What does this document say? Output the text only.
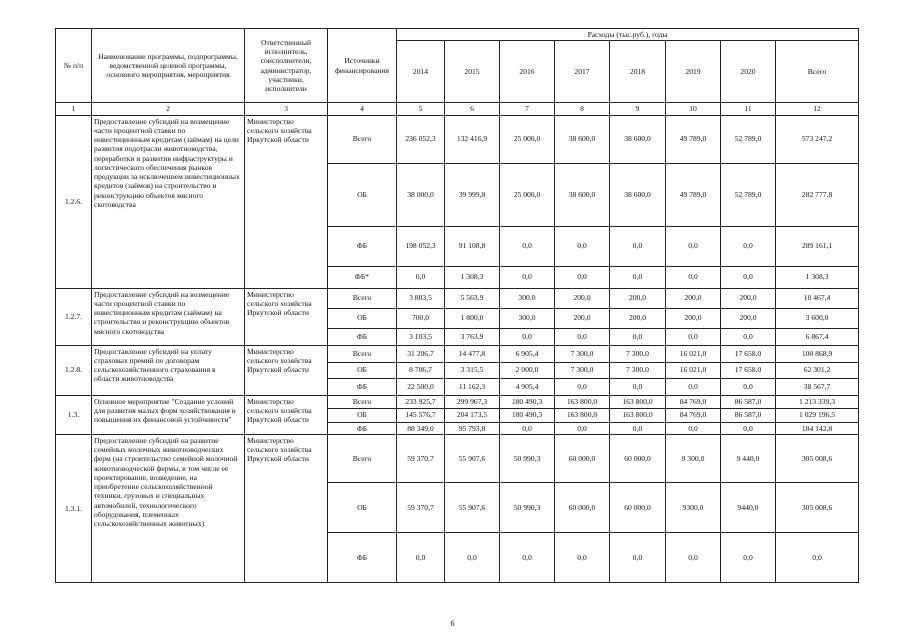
№ п/п	Наименование программы, подпрограммы, ведомственной целевой программы, основного мероприятия, мероприятия	Ответственный исполнитель, соисполнители, администратор, участники, исполнители	Источники финансирования	Расходы (тыс.руб.), годы							
				2014	2015	2016	2017	2018	2019	2020	Всего
1	2	3	4	5	6	7	8	9	10	11	12
1.2.6.	Предоставление субсидий на возмещение части процентной ставки по инвестиционным кредитам (займам) на цели развития подотрасли животноводства, переработки и развития инфраструктуры и логистического обеспечения рынков продукции за исключением инвестиционных кредитов (займов) на строительство и реконструкцию объектов мясного скотоводства	Министерство сельского хозяйства Иркутской области	Всего	236 052,3	132 416,9	25 000,0	38 600,0	38 600,0	49 789,0	52 789,0	573 247,2
			ОБ	38 000,0	39 999,8	25 000,0	38 600,0	38 600,0	49 789,0	52 789,0	282 777,8
			ФБ	198 052,3	91 108,8	0,0	0,0	0,0	0,0	0,0	289 161,1
			ФБ*	0,0	1 308,3	0,0	0,0	0,0	0,0	0,0	1 308,3
1.2.7.	Предоставление субсидий на возмещение части процентной ставки по инвестиционным кредитам (займам) на строительство и реконструкцию объектов мясного скотоводства	Министерство сельского хозяйства Иркутской области	Всего	3 803,5	5 563,9	300,0	200,0	200,0	200,0	200,0	10 467,4
			ОБ	700,0	1 800,0	300,0	200,0	200,0	200,0	200,0	3 600,0
			ФБ	3 103,5	3 763,9	0,0	0,0	0,0	0,0	0,0	6 867,4
1.2.8.	Предоставление субсидий на уплату страховых премий по договорам сельскохозяйственного страхования в области животноводства	Министерство сельского хозяйства Иркутской области	Всего	31 206,7	14 477,8	6 905,4	7 300,0	7 300,0	16 021,0	17 658,0	100 868,9
			ОБ	8 706,7	3 315,5	2 000,0	7 300,0	7 300,0	16 021,0	17 658,0	62 301,2
			ФБ	22 500,0	11 162,3	4 905,4	0,0	0,0	0,0	0,0	38 567,7
1.3.	Основное мероприятие "Создание условий для развития малых форм хозяйствования и повышения их финансовой устойчивости"	Министерство сельского хозяйства Иркутской области	Всего	233 925,7	299 967,3	180 490,3	163 800,0	163 800,0	84 769,0	86 587,0	1 213 339,3
			ОБ	145 576,7	204 173,5	180 490,3	163 800,0	163 800,0	84 769,0	86 587,0	1 029 196,5
			ФБ	88 349,0	95 793,8	0,0	0,0	0,0	0,0	0,0	184 142,8
1.3.1.	Предоставление субсидий на развитие семейных молочных животноводческих ферм (на строительство семейной молочной животноводческой фермы, в том числе ее проектирование, возведение, на приобретение сельскохозяйственной техники, грузовых и специальных автомобилей, технологического оборудования, племенных сельскохозяйственных животных)	Министерство сельского хозяйства Иркутской области	Всего	59 370,7	55 907,6	50 990,3	60 000,0	60 000,0	9 300,0	9 440,0	305 008,6
			ОБ	59 370,7	55 907,6	50 990,3	60 000,0	60 000,0	9300,0	9440,0	305 008,6
			ФБ	0,0	0,0	0,0	0,0	0,0	0,0	0,0	0,0
6
